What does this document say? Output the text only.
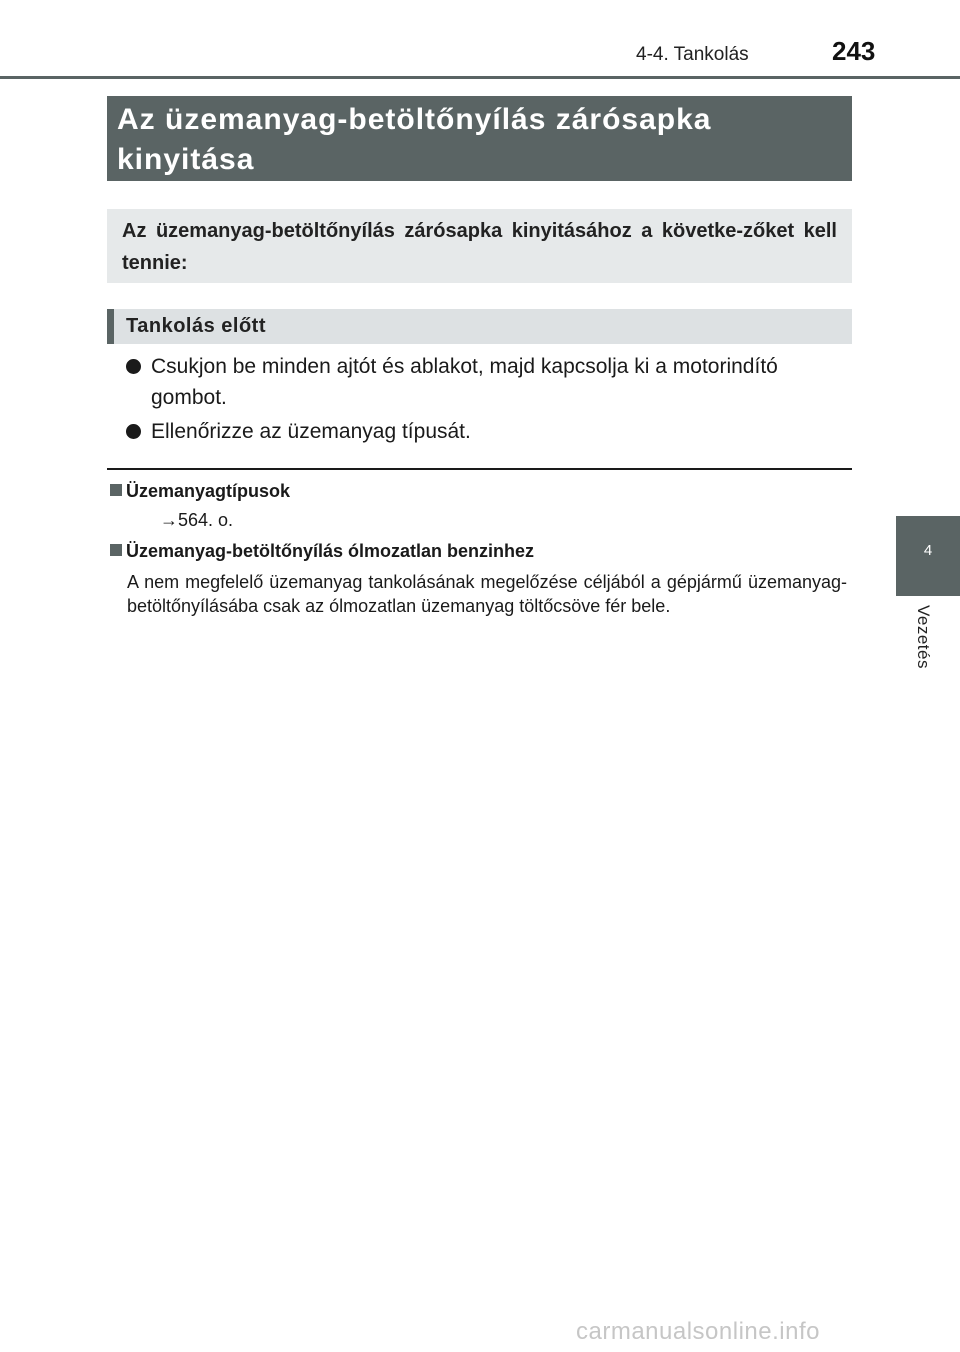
4-4. Tankolás	243
4
Vezetés
Az üzemanyag-betöltőnyílás zárósapka kinyitása
Az üzemanyag-betöltőnyílás zárósapka kinyitásához a követke-zőket kell tennie:
Tankolás előtt
Csukjon be minden ajtót és ablakot, majd kapcsolja ki a motorindító gombot.
Ellenőrizze az üzemanyag típusát.
Üzemanyagtípusok
→564. o.
Üzemanyag-betöltőnyílás ólmozatlan benzinhez
A nem megfelelő üzemanyag tankolásának megelőzése céljából a gépjármű üzemanyag-betöltőnyílásába csak az ólmozatlan üzemanyag töltőcsöve fér bele.
carmanualsonline.info
